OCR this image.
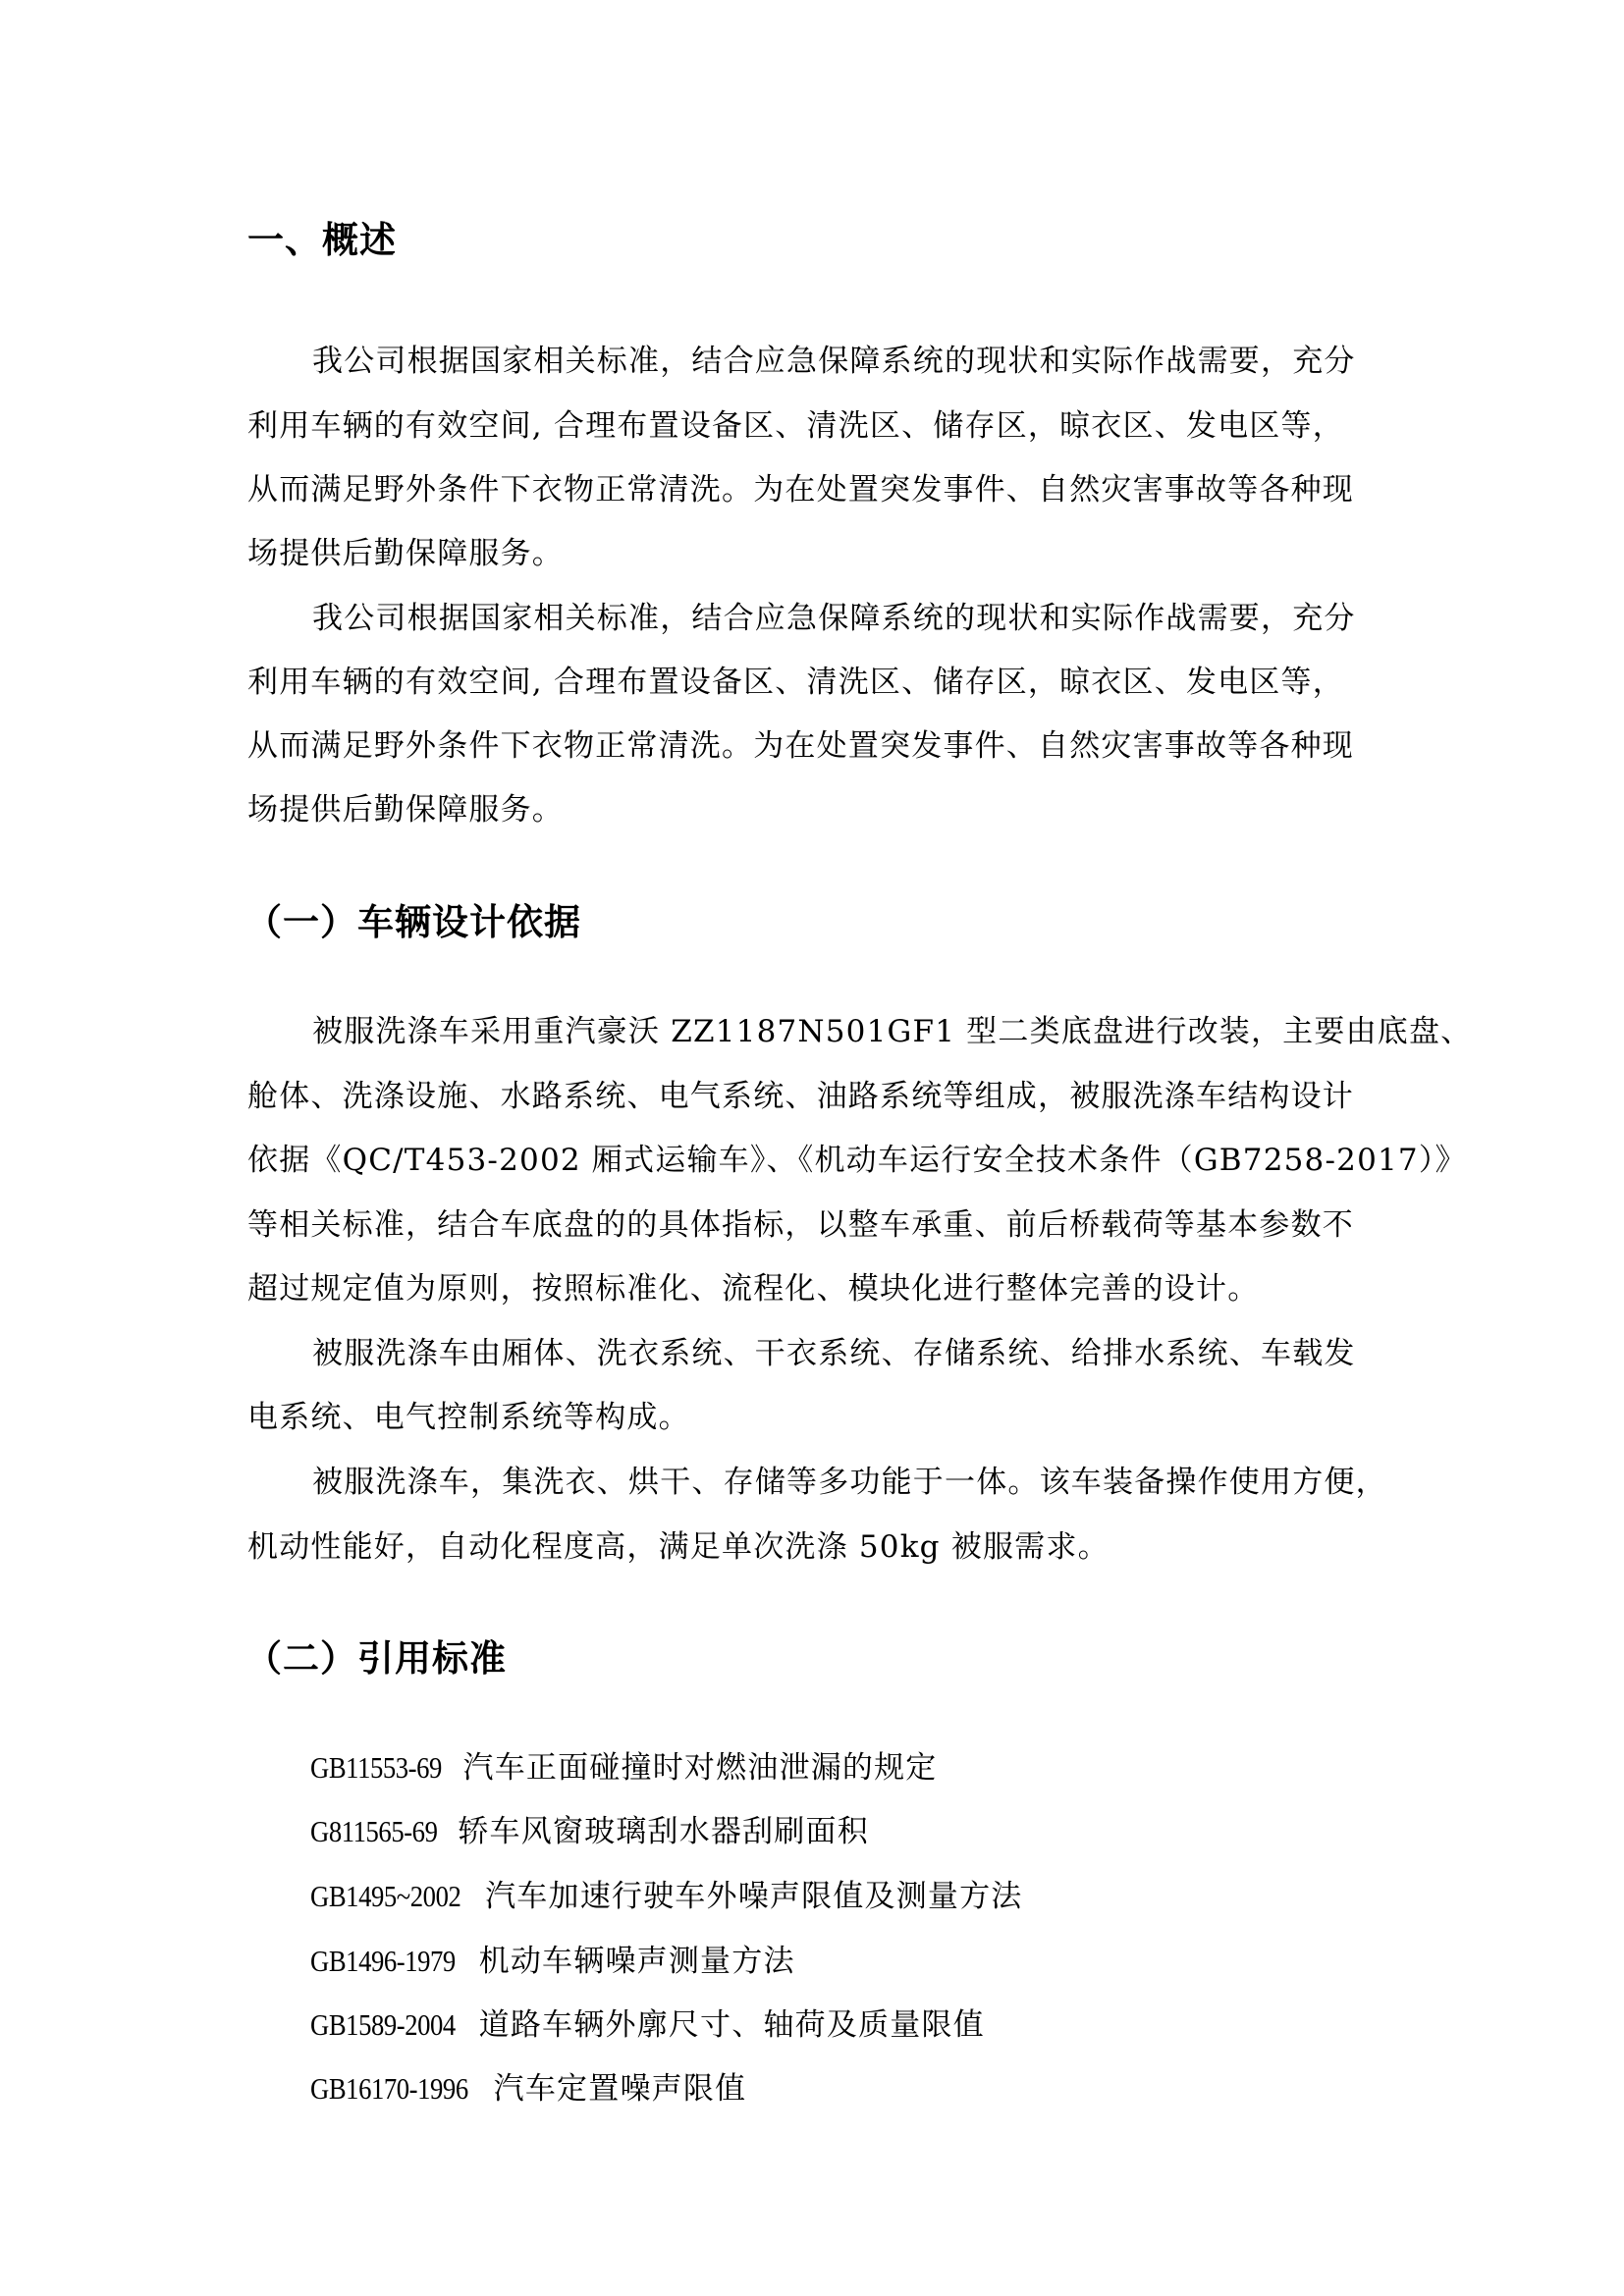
一、概述
我公司根据国家相关标准，结合应急保障系统的现状和实际作战需要，充分
利用车辆的有效空间, 合理布置设备区、清洗区、储存区，晾衣区、发电区等，
从而满足野外条件下衣物正常清洗。为在处置突发事件、自然灾害事故等各种现
场提供后勤保障服务。
我公司根据国家相关标准，结合应急保障系统的现状和实际作战需要，充分
利用车辆的有效空间, 合理布置设备区、清洗区、储存区，晾衣区、发电区等，
从而满足野外条件下衣物正常清洗。为在处置突发事件、自然灾害事故等各种现
场提供后勤保障服务。
（一）车辆设计依据
被服洗涤车采用重汽豪沃 ZZ1187N501GF1 型二类底盘进行改装，主要由底盘、
舱体、洗涤设施、水路系统、电气系统、油路系统等组成，被服洗涤车结构设计
依据《QC/T453-2002 厢式运输车》、《机动车运行安全技术条件（GB7258-2017）》
等相关标准，结合车底盘的的具体指标，以整车承重、前后桥载荷等基本参数不
超过规定值为原则，按照标准化、流程化、模块化进行整体完善的设计。
被服洗涤车由厢体、洗衣系统、干衣系统、存储系统、给排水系统、车载发
电系统、电气控制系统等构成。
被服洗涤车，集洗衣、烘干、存储等多功能于一体。该车装备操作使用方便，
机动性能好，自动化程度高，满足单次洗涤 50kg 被服需求。
（二）引用标准
GB11553-69 汽车正面碰撞时对燃油泄漏的规定
G811565-69 轿车风窗玻璃刮水器刮刷面积
GB1495~2002 汽车加速行驶车外噪声限值及测量方法
GB1496-1979 机动车辆噪声测量方法
GB1589-2004 道路车辆外廓尺寸、轴荷及质量限值
GB16170-1996 汽车定置噪声限值
